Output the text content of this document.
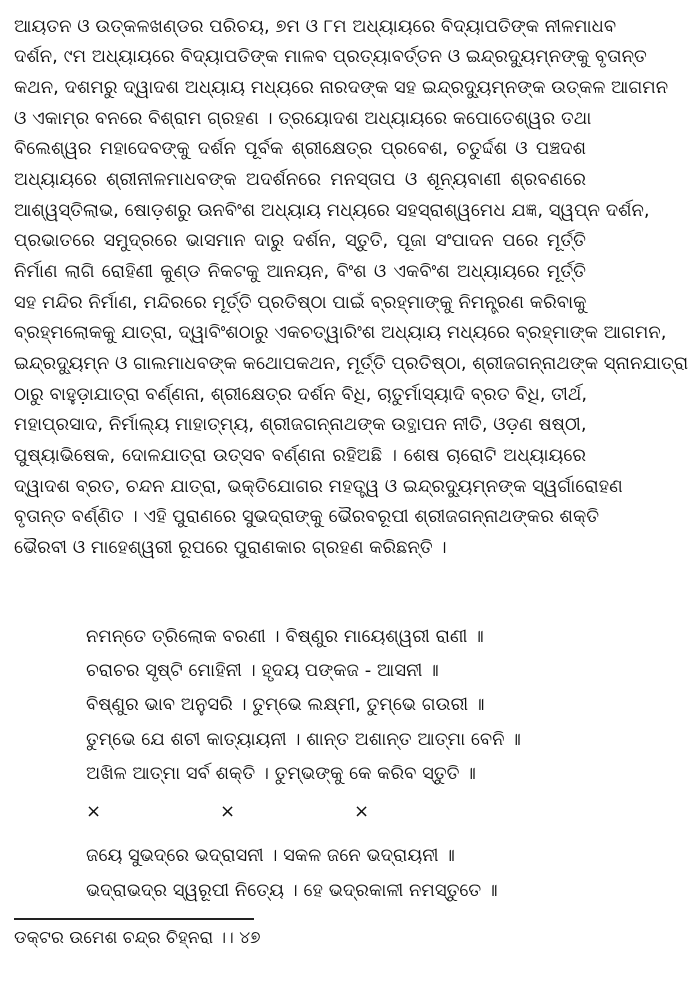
ଆୟତନ ଓ ଉତ୍କଳଖଣ୍ଡର ପରିଚୟ, ୭ମ ଓ ୮ମ ଅଧ୍ୟାୟରେ ବିଦ୍ୟାପତିଙ୍କ ନୀଳମାଧବ
ଦର୍ଶନ, ୯ମ ଅଧ୍ୟାୟରେ ବିଦ୍ୟାପତିଙ୍କ ମାଳବ ପ୍ରତ୍ୟାବର୍ତ୍ତନ ଓ ଇନ୍ଦ୍ରଦ୍ୟୁମ୍ନଙ୍କୁ ବୃତାନ୍ତ
କଥନ, ଦଶମରୁ ଦ୍ୱାଦଶ ଅଧ୍ୟାୟ ମଧ୍ୟରେ ନାରଦଙ୍କ ସହ ଇନ୍ଦ୍ରଦ୍ୟୁମ୍ନଙ୍କ ଉତ୍କଳ ଆଗମନ
ଓ ଏକାମ୍ର ବନରେ ବିଶ୍ରାମ ଗ୍ରହଣ । ତ୍ରୟୋଦଶ ଅଧ୍ୟାୟରେ କପୋତେଶ୍ୱର ତଥା
ବିଲେଶ୍ୱର ମହାଦେବଙ୍କୁ ଦର୍ଶନ ପୂର୍ବକ ଶ୍ରୀକ୍ଷେତ୍ର ପ୍ରବେଶ, ଚତୁର୍ଦ୍ଦଶ ଓ ପଞ୍ଚଦଶ
ଅଧ୍ୟାୟରେ ଶ୍ରୀନୀଳମାଧବଙ୍କ ଅଦର୍ଶନରେ ମନସ୍ତାପ ଓ ଶୂନ୍ୟବାଣୀ ଶ୍ରବଣରେ
ଆଶ୍ୱସ୍ତିଲାଭ, ଷୋଡ଼ଶରୁ ଊନବିଂଶ ଅଧ୍ୟାୟ ମଧ୍ୟରେ ସହସ୍ରାଶ୍ୱମେଧ ଯଜ୍ଞ, ସ୍ୱପ୍ନ ଦର୍ଶନ,
ପ୍ରଭାତରେ ସମୁଦ୍ରରେ ଭାସମାନ ଦାରୁ ଦର୍ଶନ, ସ୍ତୁତି, ପୂଜା ସଂପାଦନ ପରେ ମୂର୍ତ୍ତି
ନିର୍ମାଣ ଲାଗି ରୋହିଣୀ କୁଣ୍ଡ ନିକଟକୁ ଆନୟନ, ବିଂଶ ଓ ଏକବିଂଶ ଅଧ୍ୟାୟରେ ମୂର୍ତ୍ତି
ସହ ମନ୍ଦିର ନିର୍ମାଣ, ମନ୍ଦିରରେ ମୂର୍ତ୍ତି ପ୍ରତିଷ୍ଠା ପାଇଁ ବ୍ରହ୍ମାଙ୍କୁ ନିମନ୍ତ୍ରଣ କରିବାକୁ
ବ୍ରହ୍ମଲୋକକୁ ଯାତ୍ରା, ଦ୍ୱାବିଂଶଠାରୁ ଏକଚତ୍ୱାରିଂଶ ଅଧ୍ୟାୟ ମଧ୍ୟରେ ବ୍ରହ୍ମାଙ୍କ ଆଗମନ,
ଇନ୍ଦ୍ରଦ୍ୟୁମ୍ନ ଓ ଗାଲମାଧବଙ୍କ କଥୋପକଥନ, ମୂର୍ତ୍ତି ପ୍ରତିଷ୍ଠା, ଶ୍ରୀଜଗନ୍ନାଥଙ୍କ ସ୍ନାନଯାତ୍ରା
ଠାରୁ ବାହୁଡ଼ାଯାତ୍ରା ବର୍ଣ୍ଣନା, ଶ୍ରୀକ୍ଷେତ୍ର ଦର୍ଶନ ବିଧି, ଚାତୁର୍ମାସ୍ୟାଦି ବ୍ରତ ବିଧି, ତୀର୍ଥ,
ମହାପ୍ରସାଦ, ନିର୍ମାଲ୍ୟ ମାହାତ୍ମ୍ୟ, ଶ୍ରୀଜଗନ୍ନାଥଙ୍କ ଉତ୍ଥାପନ ନୀତି, ଓଡ଼ଣ ଷଷ୍ଠୀ,
ପୁଷ୍ୟାଭିଷେକ, ଦୋଳଯାତ୍ରା ଉତ୍ସବ ବର୍ଣ୍ଣନା ରହିଅଛି । ଶେଷ ଚାରୋଟି ଅଧ୍ୟାୟରେ
ଦ୍ୱାଦଶ ବ୍ରତ, ଚନ୍ଦନ ଯାତ୍ରା, ଭକ୍ତିଯୋଗର ମହତ୍ତ୍ୱ ଓ ଇନ୍ଦ୍ରଦ୍ୟୁମ୍ନଙ୍କ ସ୍ୱର୍ଗାରୋହଣ
ବୃତାନ୍ତ ବର୍ଣ୍ଣିତ । ଏହି ପୁରାଣରେ ସୁଭଦ୍ରାଙ୍କୁ ଭୈରବରୂପୀ ଶ୍ରୀଜଗନ୍ନାଥଙ୍କର ଶକ୍ତି
ଭୈରବୀ ଓ ମାହେଶ୍ୱରୀ ରୂପରେ ପୁରାଣକାର ଗ୍ରହଣ କରିଛନ୍ତି ।
ନମନ୍ତେ ତ୍ରିଲୋକ ବରଣୀ । ବିଷ୍ଣୁର ମାୟେଶ୍ୱରୀ ରାଣୀ ॥
ଚରାଚର ସୃଷ୍ଟି ମୋହିନୀ । ହୃଦୟ ପଙ୍କଜ - ଆସନୀ ॥
ବିଷ୍ଣୁର ଭାବ ଅନୁସରି । ତୁମ୍ଭେ ଲକ୍ଷ୍ମୀ, ତୁମ୍ଭେ ଗଉରୀ ॥
ତୁମ୍ଭେ ଯେ ଶଚୀ କାତ୍ୟାୟନୀ । ଶାନ୍ତ ଅଶାନ୍ତ ଆତ୍ମା ବେନି ॥
ଅଖିଳ ଆତ୍ମା ସର୍ବ ଶକ୍ତି । ତୁମ୍ଭଙ୍କୁ କେ କରିବ ସ୍ତୁତି ॥
×	×	×
ଜୟେ ସୁଭଦ୍ରେ ଭଦ୍ରାସନୀ । ସକଳ ଜନେ ଭଦ୍ରାୟନୀ ॥
ଭଦ୍ରାଭଦ୍ର ସ୍ୱରୂପୀ ନିତ୍ୟେ । ହେ ଭଦ୍ରକାଳୀ ନମସ୍ତୁତେ ॥
ଡକ୍ଟର ଉମେଶ ଚନ୍ଦ୍ର ଚିହ୍ନରା ।। ୪୭
